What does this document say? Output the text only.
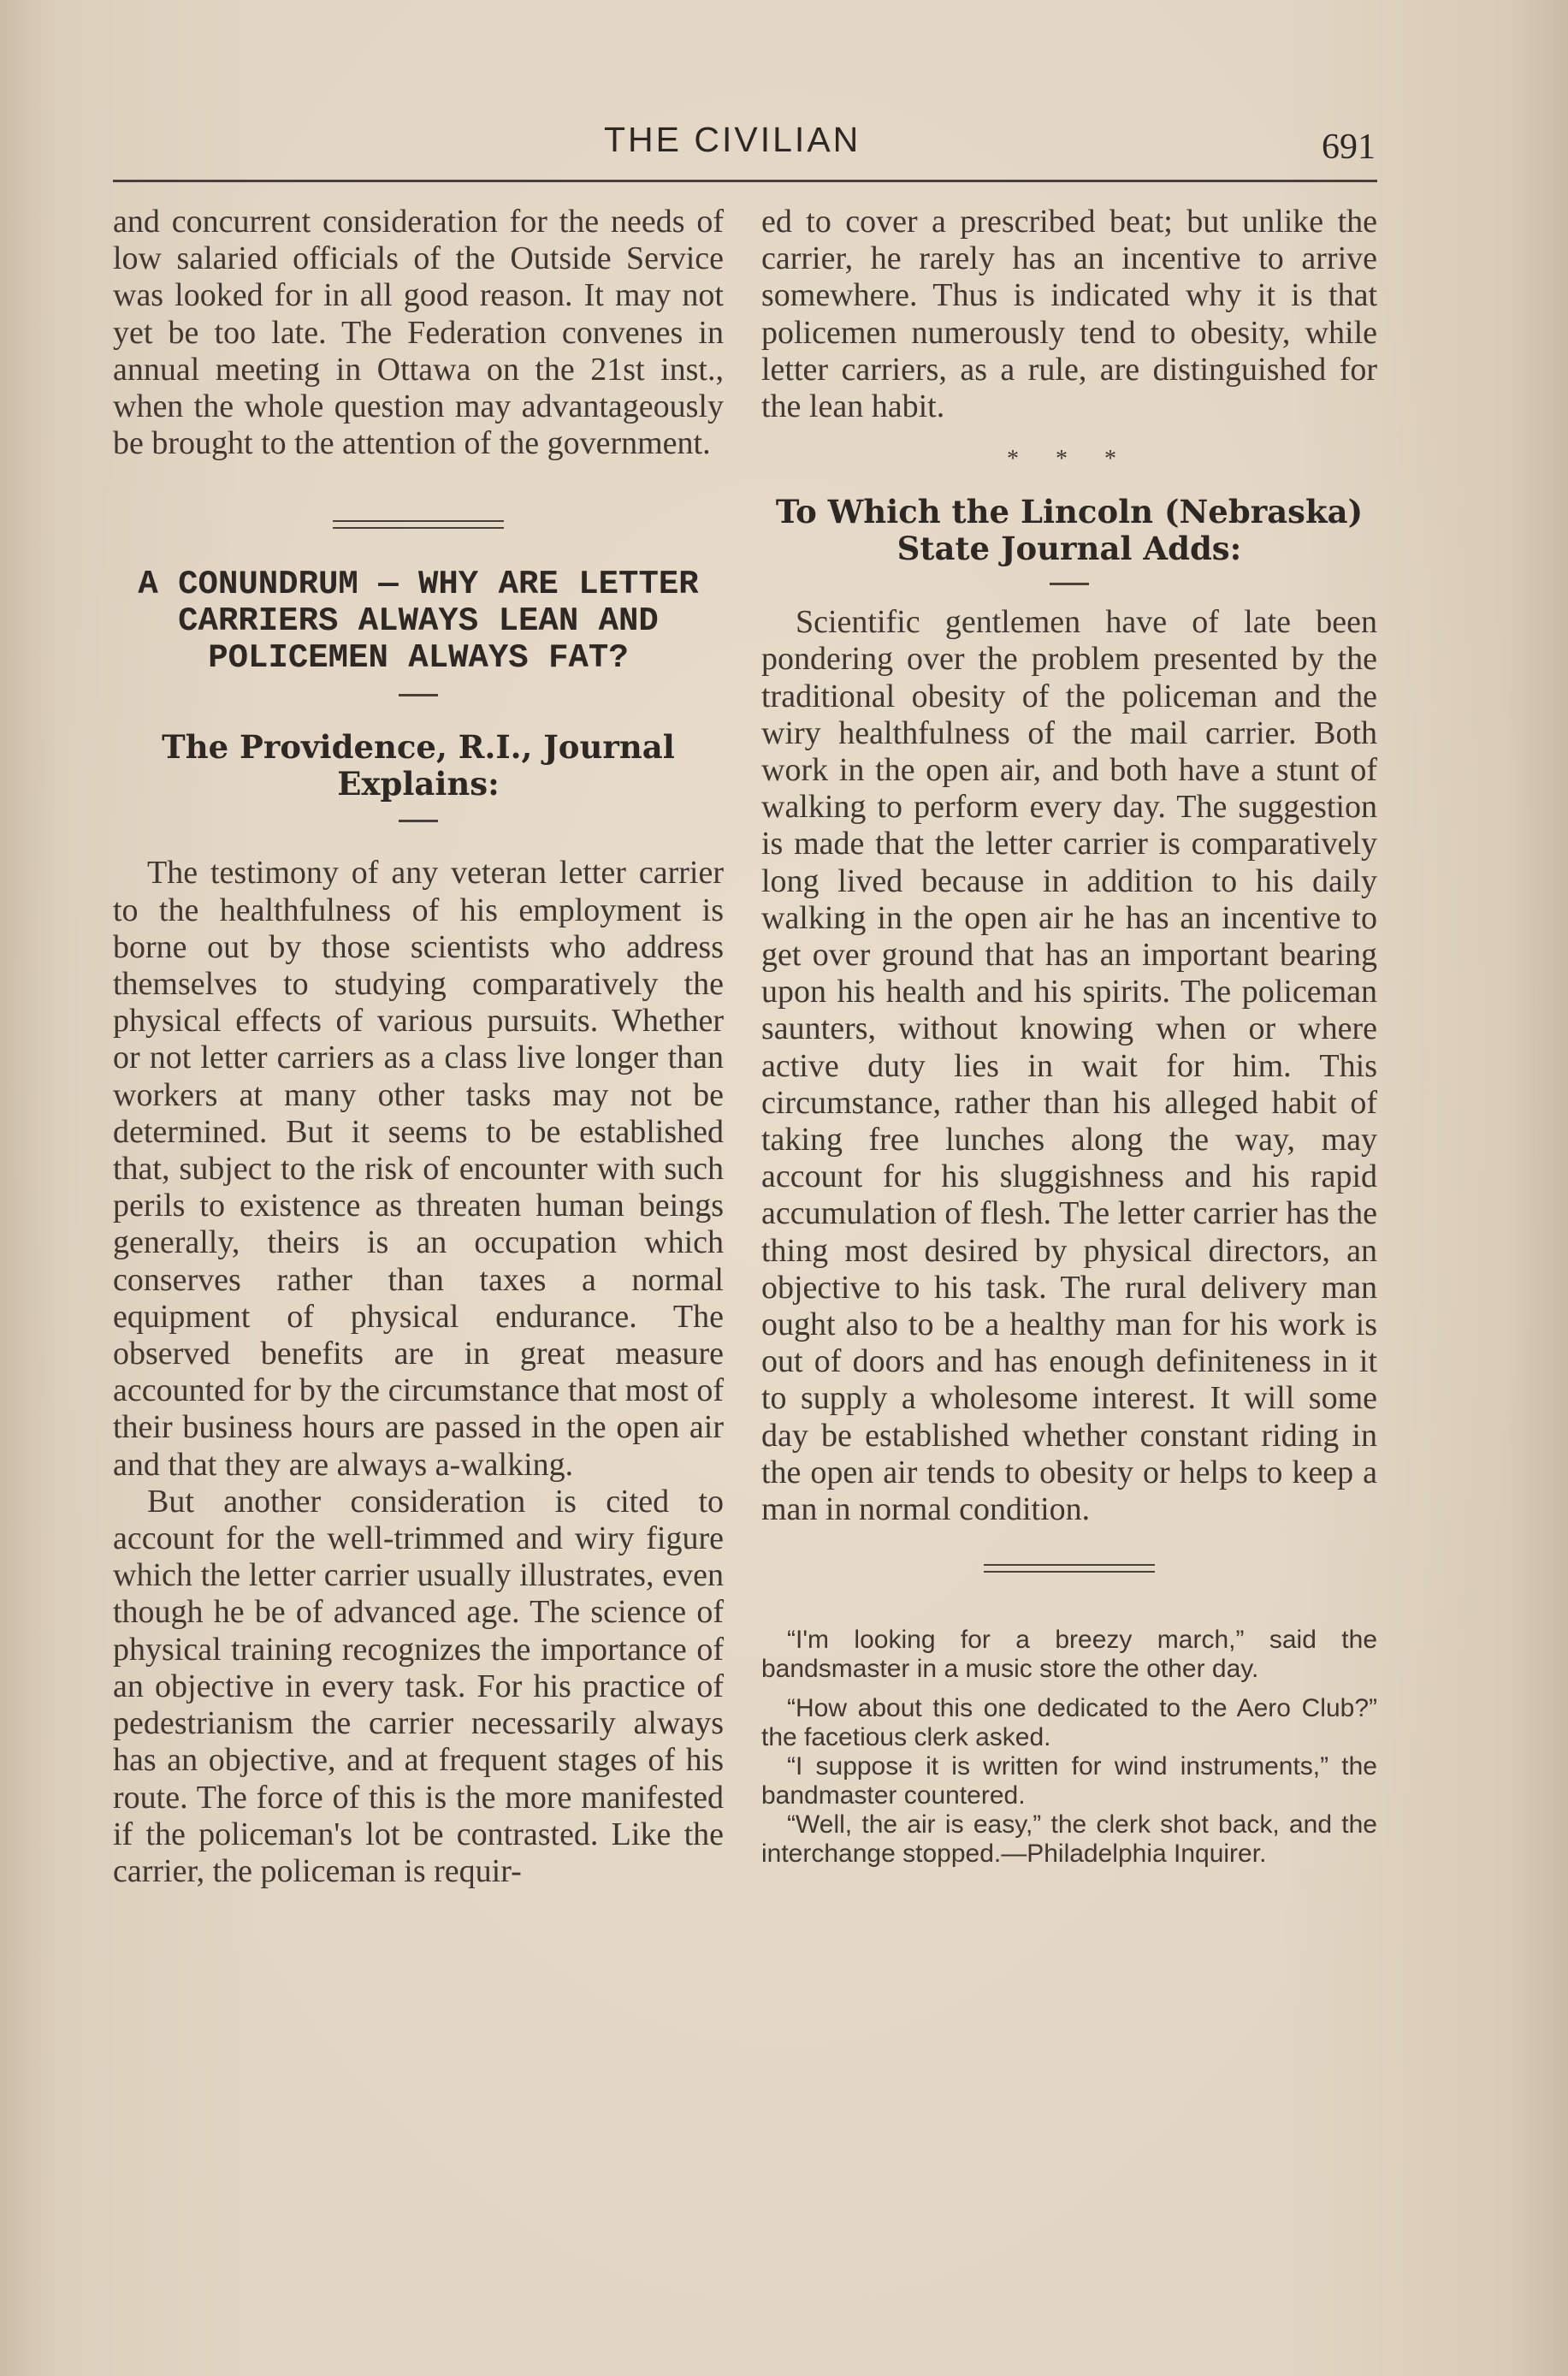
THE CIVILIAN	691

and concurrent consideration for the needs of low salaried officials of the Outside Service was looked for in all good reason. It may not yet be too late. The Federation convenes in annual meeting in Ottawa on the 21st inst., when the whole question may advantageously be brought to the attention of the government.

A CONUNDRUM — WHY ARE LETTER CARRIERS ALWAYS LEAN AND POLICEMEN ALWAYS FAT?

The Providence, R.I., Journal Explains:

The testimony of any veteran letter carrier to the healthfulness of his employment is borne out by those scientists who address themselves to studying comparatively the physical effects of various pursuits. Whether or not letter carriers as a class live longer than workers at many other tasks may not be determined. But it seems to be established that, subject to the risk of encounter with such perils to existence as threaten human beings generally, theirs is an occupation which conserves rather than taxes a normal equipment of physical endurance. The observed benefits are in great measure accounted for by the circumstance that most of their business hours are passed in the open air and that they are always a-walking.

But another consideration is cited to account for the well-trimmed and wiry figure which the letter carrier usually illustrates, even though he be of advanced age. The science of physical training recognizes the importance of an objective in every task. For his practice of pedestrianism the carrier necessarily always has an objective, and at frequent stages of his route. The force of this is the more manifested if the policeman's lot be contrasted. Like the carrier, the policeman is requir-

ed to cover a prescribed beat; but unlike the carrier, he rarely has an incentive to arrive somewhere. Thus is indicated why it is that policemen numerously tend to obesity, while letter carriers, as a rule, are distinguished for the lean habit.

* * *

To Which the Lincoln (Nebraska) State Journal Adds:

Scientific gentlemen have of late been pondering over the problem presented by the traditional obesity of the policeman and the wiry healthfulness of the mail carrier. Both work in the open air, and both have a stunt of walking to perform every day. The suggestion is made that the letter carrier is comparatively long lived because in addition to his daily walking in the open air he has an incentive to get over ground that has an important bearing upon his health and his spirits. The policeman saunters, without knowing when or where active duty lies in wait for him. This circumstance, rather than his alleged habit of taking free lunches along the way, may account for his sluggishness and his rapid accumulation of flesh. The letter carrier has the thing most desired by physical directors, an objective to his task. The rural delivery man ought also to be a healthy man for his work is out of doors and has enough definiteness in it to supply a wholesome interest. It will some day be established whether constant riding in the open air tends to obesity or helps to keep a man in normal condition.

“I'm looking for a breezy march,” said the bandsmaster in a music store the other day.

“How about this one dedicated to the Aero Club?” the facetious clerk asked.

“I suppose it is written for wind instruments,” the bandmaster countered.

“Well, the air is easy,” the clerk shot back, and the interchange stopped.—Philadelphia Inquirer.
